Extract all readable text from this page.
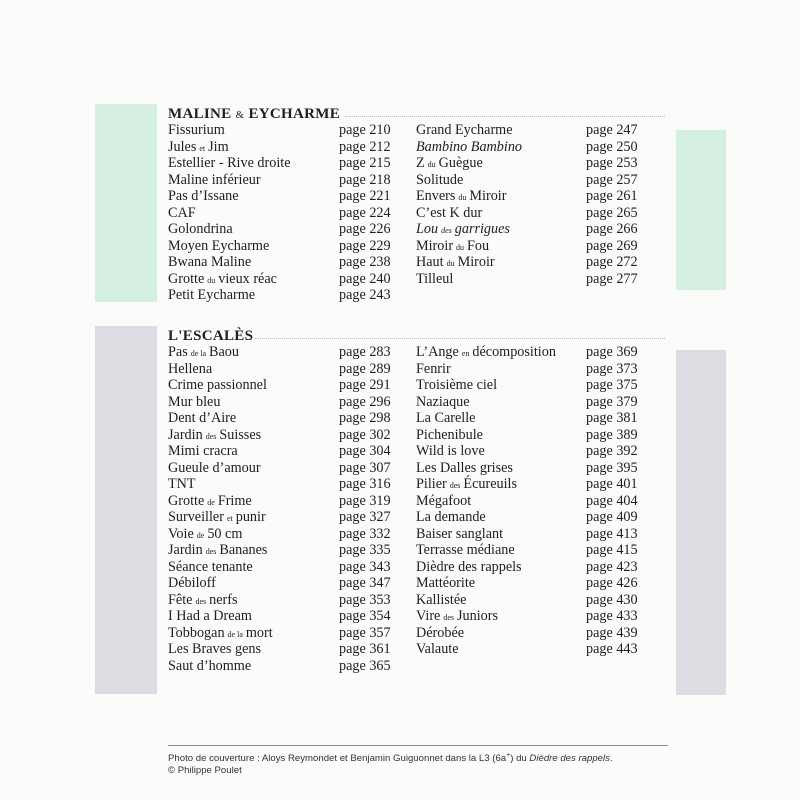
MALINE & EYCHARME
Fissurium	page 210
Jules et Jim	page 212
Estellier - Rive droite	page 215
Maline inférieur	page 218
Pas d’Issane	page 221
CAF	page 224
Golondrina	page 226
Moyen Eycharme	page 229
Bwana Maline	page 238
Grotte du vieux réac	page 240
Petit Eycharme	page 243
Grand Eycharme	page 247
Bambino Bambino	page 250
Zdu Guègue	page 253
Solitude	page 257
Envers du Miroir	page 261
C’est K dur	page 265
Lou des garrigues	page 266
Miroir du Fou	page 269
Haut du Miroir	page 272
Tilleul	page 277
L'ESCALÈS
Pas de la Baou	page 283
Hellena	page 289
Crime passionnel	page 291
Mur bleu	page 296
Dent d’Aire	page 298
Jardin des Suisses	page 302
Mimi cracra	page 304
Gueule d’amour	page 307
TNT	page 316
Grotte de Frime	page 319
Surveiller et punir	page 327
Voie de 50 cm	page 332
Jardin des Bananes	page 335
Séance tenante	page 343
Débiloff	page 347
Fête des nerfs	page 353
I Had a Dream	page 354
Tobbogan de la mort	page 357
Les Braves gens	page 361
Saut d’homme	page 365
L’Ange en décomposition page 369
Fenrir	page 373
Troisième ciel	page 375
Naziaque	page 379
La Carelle	page 381
Pichenibule	page 389
Wild is love	page 392
Les Dalles grises	page 395
Pilier des Écureuils	page 401
Mégafoot	page 404
La demande	page 409
Baiser sanglant	page 413
Terrasse médiane	page 415
Dièdre des rappels	page 423
Mattéorite	page 426
Kallistée	page 430
Vire des Juniors	page 433
Dérobée	page 439
Valaute	page 443
Photo de couverture : Aloys Reymondet et Benjamin Guiguonnet dans la L3 (6a+) du Dièdre des rappels.
© Philippe Poulet
